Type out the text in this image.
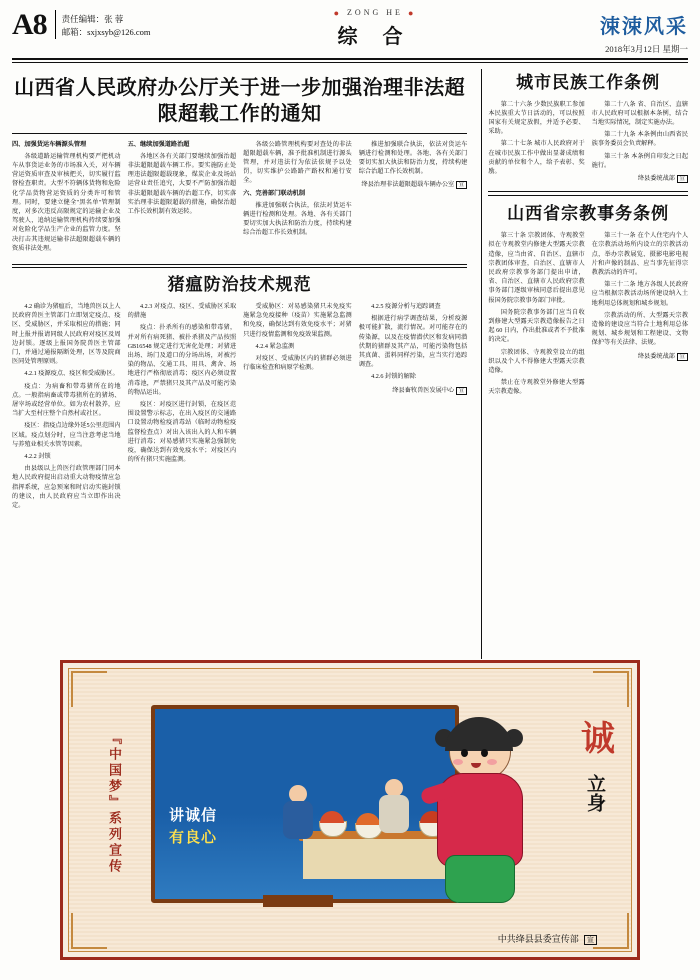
A8	责任编辑：张 蓉
邮箱：sxjxsyb@126.com
● ZONG HE ●
综 合	涑涑风采
2018年3月12日 星期一
山西省人民政府办公厅关于进一步加强治理非法超限超载工作的通知

四、加强货运车辆源头管理

各级道路运输管理机构要严把机动车从事货运业务的市场准入关，对车辆营运资质审查及审核把关，切实履行监督检查职责。大型不符辆体货物和危险化学品货物营运资质的分类许可和管理。同时，要建立健全"黑名单"管理制度，对多次违反高限规定的运输企业及驾驶人，追纳运输管理机构持续要加强对危险化学品生产企业的监管力度。坚决打击其违规运输非法超限超载车辆的资质非法处理。

五、继续加强道路治超

各地区各有关部门要继续加强治超非法超限超载车辆工作。要实施防止处理违法超限超载现象，煤炭企业及场站运营业责任追究，大要不严防加强治超非法超限超载车辆的治超工作，切实落实治理非法超限超载的措施，确保治超工作长效机制有效运转。

各级公路管理机构要对查处的非法超限超载车辆，准予批准机制进行源头管理，并对违法行为依法依规予以处罚，切实维护公路路产路权和通行安全。

六、完善部门联动机制

推进加强联合执法，依法对货运车辆进行检测和处理。各地、各有关部门要切实加大执法和防治力度，持续构建综合治超工作长效机制。

推进加强联合执法，依法对货运车辆进行检测和处理。各地、各有关部门要切实加大执法和防治力度，持续构建综合治超工作长效机制。

绛县治理非法超限超载车辆办公室 宣
猪瘟防治技术规范

4.2 确诊为猪瘟后，当地兽医以上人民政府兽医主管部门立即划定疫点、疫区、受威胁区，并采取相应的措施；同时上报并报请同级人民政府对疫区及周边封锁。逐级上报国务院兽医主管部门，并通过通报隔断处理，区等及院商医同处管理原则。

4.2.1 疫源疫点、疫区和受威胁区。

疫点：为病畜和带毒猪所在的地点。一般指病畜或带毒猪所在的猪场、屠宰场或经营单位。如为农村散养，应当扩大至村庄整个自然村或社区。

疫区：指疫点边缘外延5公里范围内区域。疫点划分时，应当注意考虑当地与养殖业相关水管等因素。

4.2.2 封锁

由县级以上兽医行政管理部门同本地人民政府提出启动重大动物疫情应急指挥系统，应急预案和时启动实施封锁的建议，由人民政府应当立即作出决定。

4.2.3 对疫点、疫区、受威胁区采取的措施

疫点：扑杀所有的感染和带毒猪，并对所有病死猪、被扑杀猪及产品按照 GB16548 规定进行无害化处理；对猪进出场、场门及道口的分场出场，对被污染的物品、交通工具、用具、禽舍、场地进行严格彻底消毒；疫区内必须设置消毒池，严禁猪只及其产品及可能污染的物品运出。

疫区：对疫区进行封锁，在疫区范围设置警示标志，在出入疫区的交通路口设置动物检疫消毒站（临时动物检疫监督检查点）对出入该出入的人和车辆进行消毒；对易感猪只实施紧急强制免疫，确保达到有效免疫水平；对疫区内的所有猪只实施监测。

受威胁区：对易感染猪只未免疫实施紧急免疫接种（疫苗）实施紧急监测和免疫，确保达到有效免疫水平；对猪只进行疫情监测和免疫效果监测。

4.2.4 紧急监测

对疫区、受威胁区内的猪群必须进行临床检查和病原学检测。

4.2.5 疫源分析与追踪调查

根据进行病学调查结果，分析疫源极可能扩散，流行情况。对可能存在的传染源，以及在疫情潜伏区和发病同潜伏期的猪群及其产品，可能污染物包括其真菌、蛋料同样污染，应当实行追踪调查。

4.2.6 封锁的解除

绛县畜牧兽医发展中心 宣
城市民族工作条例

第二十六条 少数民族职工参加本民族重大节日活动的，可以按照国家有关规定放假，并适予必要、采助。

第二十七条 城市人民政府对于在城市民族工作中做出显著成绩和贡献的单位和个人，给予表彰、奖励。

第二十八条 省、自治区、直辖市人民政府可以根据本条例，结合当地实际情况，制定实施办法。

第二十九条 本条例由山西省民族事务委员会负责解释。

第三十条 本条例自印发之日起施行。

绛县委统战部 宣
山西省宗教事务条例

第三十条 宗教团体、寺观教堂拟在寺观教堂内修建大型露天宗教造像，应当由省、自治区、直辖市宗教团体审查，自治区、直辖市人民政府宗教事务部门提出申请，省、自治区、直辖市人民政府宗教事务部门逐级审核同意后提出意见报国务院宗教事务部门审批。

国务院宗教事务部门应当自收到修建大型露天宗教造像报告之日起 60 日内，作出批准或者不予批准的决定。

宗教团体、寺观教堂设立的组织以及个人不得修建大型露天宗教造像。

禁止在寺观教堂外修建大型露天宗教造像。

第三十一条 在个人住宅内个人在宗教活动场所内设立的宗教活动点，举办宗教展览、摄影电影电视片和声像的制品、应当事先征得宗教教活动的许可。

第三十二条 地方各级人民政府应当根据宗教活动场所建设纳入土地利用总体规划和城乡规划。

宗教活动的所、大型露天宗教造像的建设应当符合土地利用总体规划、城乡规划和工程建设、文物保护等有关法律、法规。

绛县委统战部 宣
『中国梦』系列宣传	讲诚信
有良心
诚
立身
中共绛县县委宣传部 宣
